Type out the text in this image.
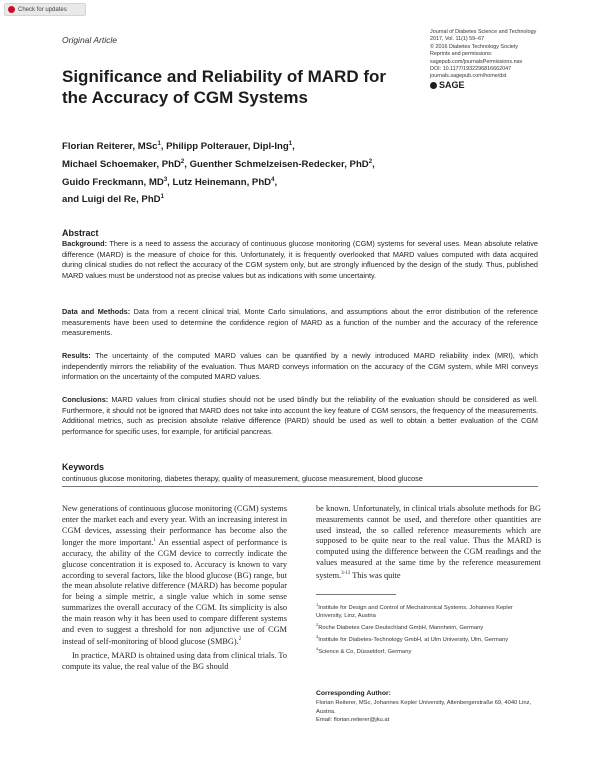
Check for updates
Original Article
Significance and Reliability of MARD for the Accuracy of CGM Systems
Journal of Diabetes Science and Technology
2017, Vol. 11(1) 59–67
© 2016 Diabetes Technology Society
Reprints and permissions:
sagepub.com/journalsPermissions.nav
DOI: 10.1177/1932296816662047
journals.sagepub.com/home/dst
SAGE
Florian Reiterer, MSc$^1$, Philipp Polterauer, Dipl-Ing$^1$,
Michael Schoemaker, PhD$^2$, Guenther Schmelzeisen-Redecker, PhD$^2$,
Guido Freckmann, $MD^3$, Lutz Heinemann, PhD$^4$,
and Luigi del Re, PhD$^1$
Abstract
Background: There is a need to assess the accuracy of continuous glucose monitoring (CGM) systems for several uses. Mean absolute relative difference (MARD) is the measure of choice for this. Unfortunately, it is frequently overlooked that MARD values computed with data acquired during clinical studies do not reflect the accuracy of the CGM system only, but are strongly influenced by the design of the study. Thus, published MARD values must be understood not as precise values but as indications with some uncertainty.
Data and Methods: Data from a recent clinical trial, Monte Carlo simulations, and assumptions about the error distribution of the reference measurements have been used to determine the confidence region of MARD as a function of the number and the accuracy of the reference measurements.
Results: The uncertainty of the computed MARD values can be quantified by a newly introduced MARD reliability index (MRI), which independently mirrors the reliability of the evaluation. Thus MARD conveys information on the accuracy of the CGM system, while MRI conveys information on the uncertainty of the computed MARD values.
Conclusions: MARD values from clinical studies should not be used blindly but the reliability of the evaluation should be considered as well. Furthermore, it should not be ignored that MARD does not take into account the key feature of CGM sensors, the frequency of the measurements. Additional metrics, such as precision absolute relative difference (PARD) should be used as well to obtain a better evaluation of the CGM performance for specific uses, for example, for artificial pancreas.
Keywords
continuous glucose monitoring, diabetes therapy, quality of measurement, glucose measurement, blood glucose

New generations of continuous glucose monitoring (CGM) systems enter the market each and every year. With an increasing interest in CGM devices, assessing their performance has become also the longer the more important.$^1$ An essential aspect of performance is accuracy, the ability of the CGM device to correctly indicate the glucose concentration it is exposed to. Accuracy is known to vary according to several factors, like the blood glucose (BG) range, but the mean absolute relative difference (MARD) has become popular for being a simple metric, a single value which in some sense summarizes the overall accuracy of the CGM. Its simplicity is also the main reason why it has been used to compare different systems and even to suggest a threshold for non adjunctive use of CGM instead of self-monitoring of blood glucose (SMBG).$^2$

In practice, MARD is obtained using data from clinical trials. To compute its value, the real value of the BG should

be known. Unfortunately, in clinical trials absolute methods for BG measurements cannot be used, and therefore other quantities are used instead, the so called reference measurements which are supposed to be quite near to the real value. Thus the MARD is computed using the difference between the CGM readings and the values measured at the same time by the reference measurement system.$^{3-13}$ This was quite

$^1$Institute for Design and Control of Mechatronical Systems, Johannes Kepler University, Linz, Austria
$^2$Roche Diabetes Care Deutschland GmbH, Mannheim, Germany
$^3$Institute for Diabetes-Technology GmbH, at Ulm University, Ulm, Germany
$^4$Science & Co, Düsseldorf, Germany
Corresponding Author:
Florian Reiterer, MSc, Johannes Kepler University, Altenbergerstraße 69, 4040 Linz, Austria.
Email: florian.reiterer@jku.at
